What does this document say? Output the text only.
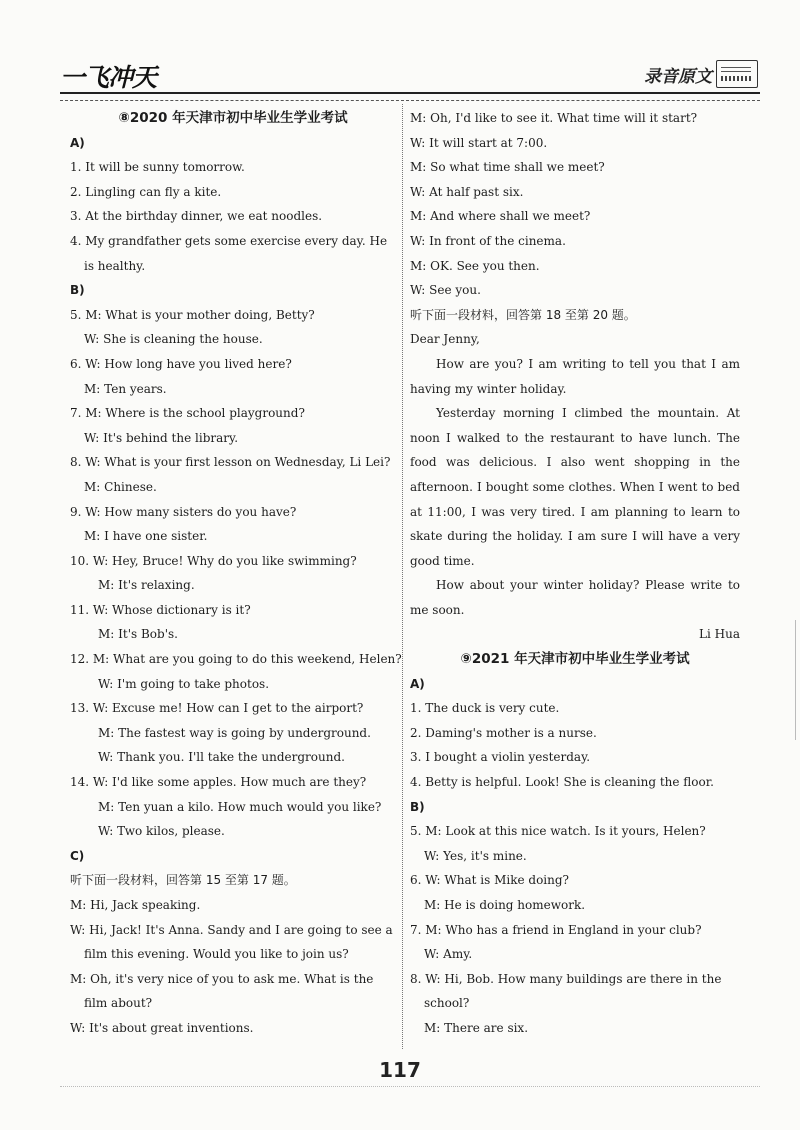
一飞冲天	录音原文
⑧2020 年天津市初中毕业生学业考试
A)
1. It will be sunny tomorrow.
2. Lingling can fly a kite.
3. At the birthday dinner, we eat noodles.
4. My grandfather gets some exercise every day. He
is healthy.
B)
5. M: What is your mother doing, Betty?
W: She is cleaning the house.
6. W: How long have you lived here?
M: Ten years.
7. M: Where is the school playground?
W: It's behind the library.
8. W: What is your first lesson on Wednesday, Li Lei?
M: Chinese.
9. W: How many sisters do you have?
M: I have one sister.
10. W: Hey, Bruce! Why do you like swimming?
M: It's relaxing.
11. W: Whose dictionary is it?
M: It's Bob's.
12. M: What are you going to do this weekend, Helen?
W: I'm going to take photos.
13. W: Excuse me! How can I get to the airport?
M: The fastest way is going by underground.
W: Thank you. I'll take the underground.
14. W: I'd like some apples. How much are they?
M: Ten yuan a kilo. How much would you like?
W: Two kilos, please.
C)
听下面一段材料，回答第 15 至第 17 题。
M: Hi, Jack speaking.
W: Hi, Jack! It's Anna. Sandy and I are going to see a
film this evening. Would you like to join us?
M: Oh, it's very nice of you to ask me. What is the
film about?
W: It's about great inventions.
M: Oh, I'd like to see it. What time will it start?
W: It will start at 7:00.
M: So what time shall we meet?
W: At half past six.
M: And where shall we meet?
W: In front of the cinema.
M: OK. See you then.
W: See you.
听下面一段材料，回答第 18 至第 20 题。
Dear Jenny,
How are you? I am writing to tell you that I am having my winter holiday.
Yesterday morning I climbed the mountain. At noon I walked to the restaurant to have lunch. The food was delicious. I also went shopping in the afternoon. I bought some clothes. When I went to bed at 11:00, I was very tired. I am planning to learn to skate during the holiday. I am sure I will have a very good time.
How about your winter holiday? Please write to me soon.
Li Hua
⑨2021 年天津市初中毕业生学业考试
A)
1. The duck is very cute.
2. Daming's mother is a nurse.
3. I bought a violin yesterday.
4. Betty is helpful. Look! She is cleaning the floor.
B)
5. M: Look at this nice watch. Is it yours, Helen?
W: Yes, it's mine.
6. W: What is Mike doing?
M: He is doing homework.
7. M: Who has a friend in England in your club?
W: Amy.
8. W: Hi, Bob. How many buildings are there in the
school?
M: There are six.
117
